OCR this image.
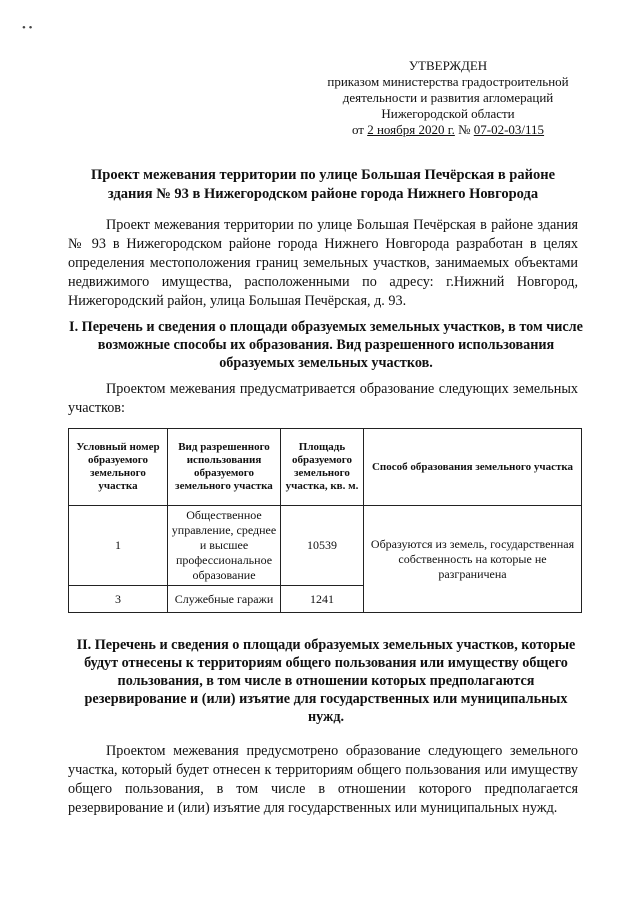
• •
УТВЕРЖДЕН
приказом министерства градостроительной
деятельности и развития агломераций
Нижегородской области
от 2 ноября 2020 г. № 07-02-03/115
Проект межевания территории по улице Большая Печёрская в районе здания № 93 в Нижегородском районе города Нижнего Новгорода

Проект межевания территории по улице Большая Печёрская в районе здания № 93 в Нижегородском районе города Нижнего Новгорода разработан в целях определения местоположения границ земельных участков, занимаемых объектами недвижимого имущества, расположенными по адресу: г.Нижний Новгород, Нижегородский район, улица Большая Печёрская, д. 93.

I. Перечень и сведения о площади образуемых земельных участков, в том числе возможные способы их образования. Вид разрешенного использования образуемых земельных участков.

Проектом межевания предусматривается образование следующих земельных участков:

Условный номер образуемого земельного участка	Вид разрешенного использования образуемого земельного участка	Площадь образуемого земельного участка, кв. м.	Способ образования земельного участка
1	Общественное управление, среднее и высшее профессиональное образование	10539	Образуются из земель, государственная собственность на которые не разграничена
3	Служебные гаражи	1241	
II. Перечень и сведения о площади образуемых земельных участков, которые будут отнесены к территориям общего пользования или имуществу общего пользования, в том числе в отношении которых предполагаются резервирование и (или) изъятие для государственных или муниципальных нужд.

Проектом межевания предусмотрено образование следующего земельного участка, который будет отнесен к территориям общего пользования или имуществу общего пользования, в том числе в отношении которого предполагается резервирование и (или) изъятие для государственных или муниципальных нужд.
